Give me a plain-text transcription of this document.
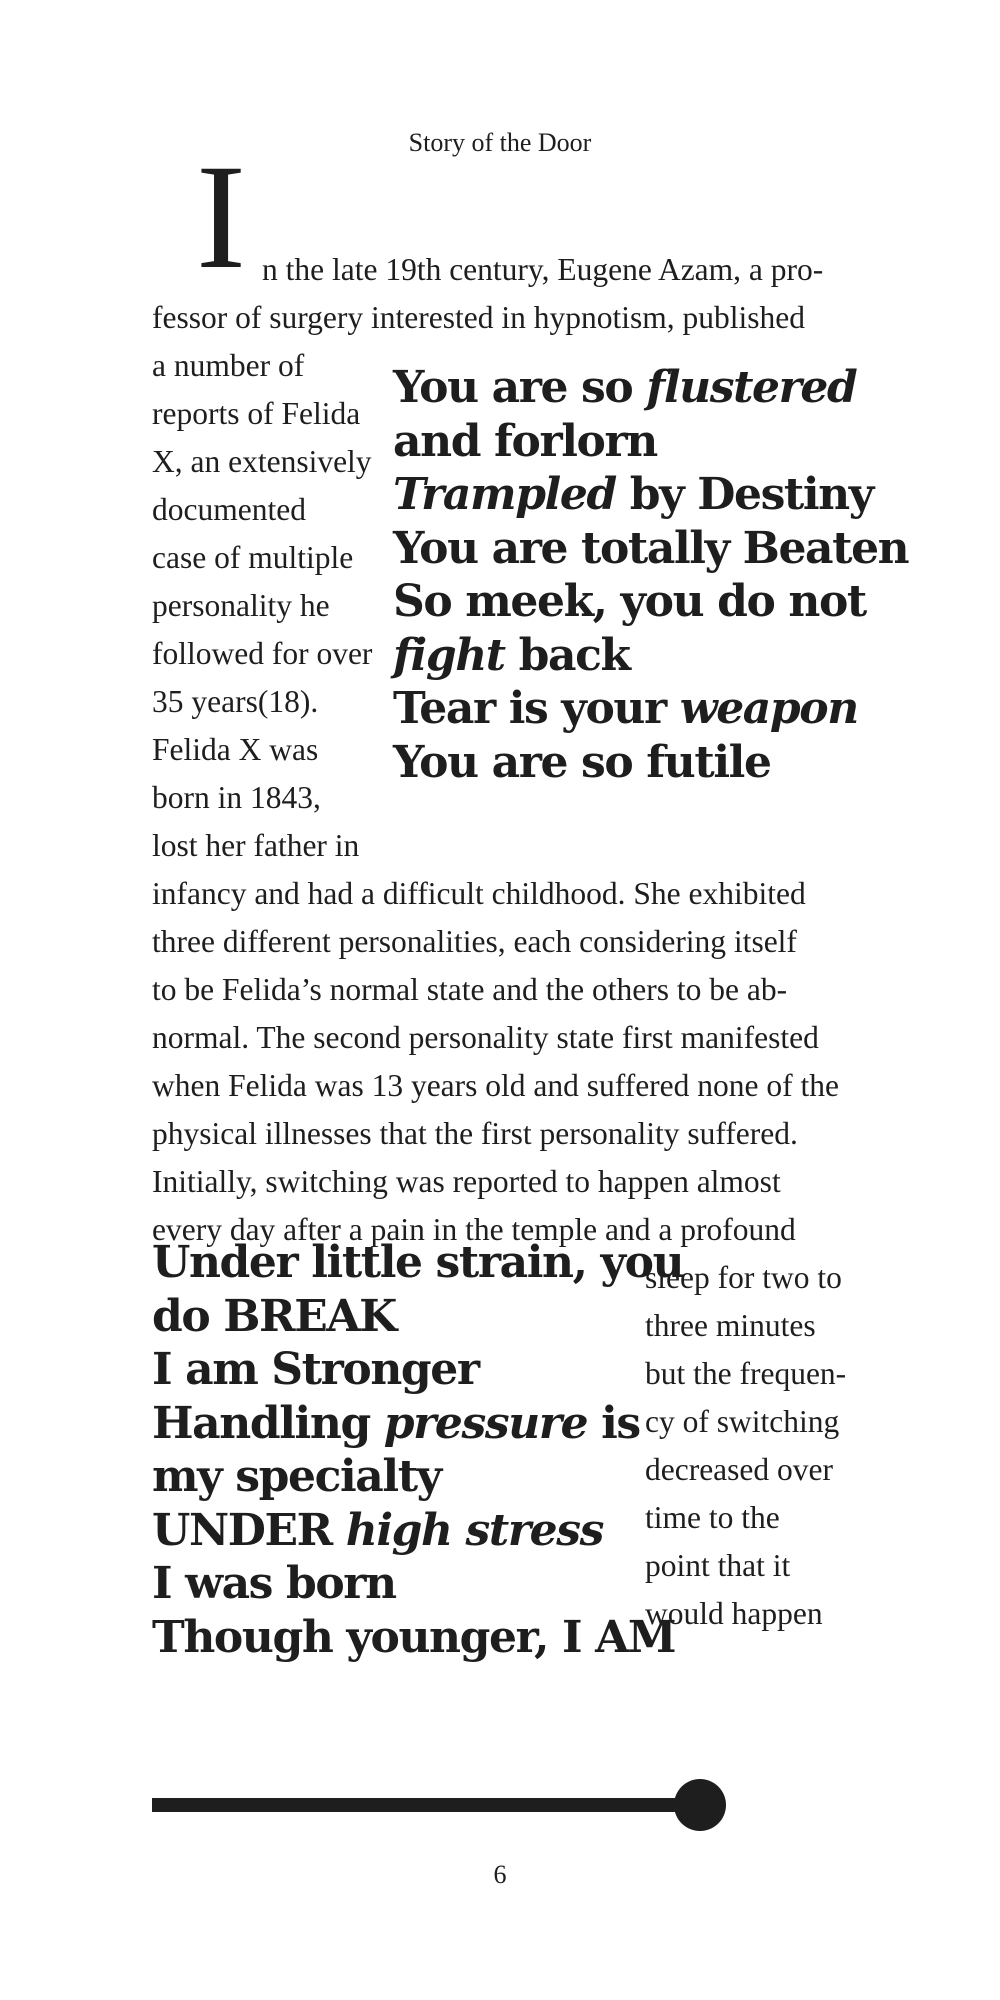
Story of the Door
I n the late 19th century, Eugene Azam, a pro-
fessor of surgery interested in hypnotism, published
a number of
reports of Felida
X, an extensively
documented
case of multiple
personality he
followed for over
35 years(18).
Felida X was
born in 1843,
lost her father in
infancy and had a difficult childhood. She exhibited
three different personalities, each considering itself
to be Felida’s normal state and the others to be ab-
normal. The second personality state first manifested
when Felida was 13 years old and suffered none of the
physical illnesses that the first personality suffered.
Initially, switching was reported to happen almost
every day after a pain in the temple and a profound
sleep for two to
three minutes
but the frequen-
cy of switching
decreased over
time to the
point that it
would happen
You are so flustered
and forlorn
Trampled by Destiny
You are totally Beaten
So meek, you do not
fight back
Tear is your weapon
You are so futile
Under little strain, you
do BREAK
I am Stronger
Handling pressure is
my specialty
UNDER high stress
I was born
Though younger, I AM
6
